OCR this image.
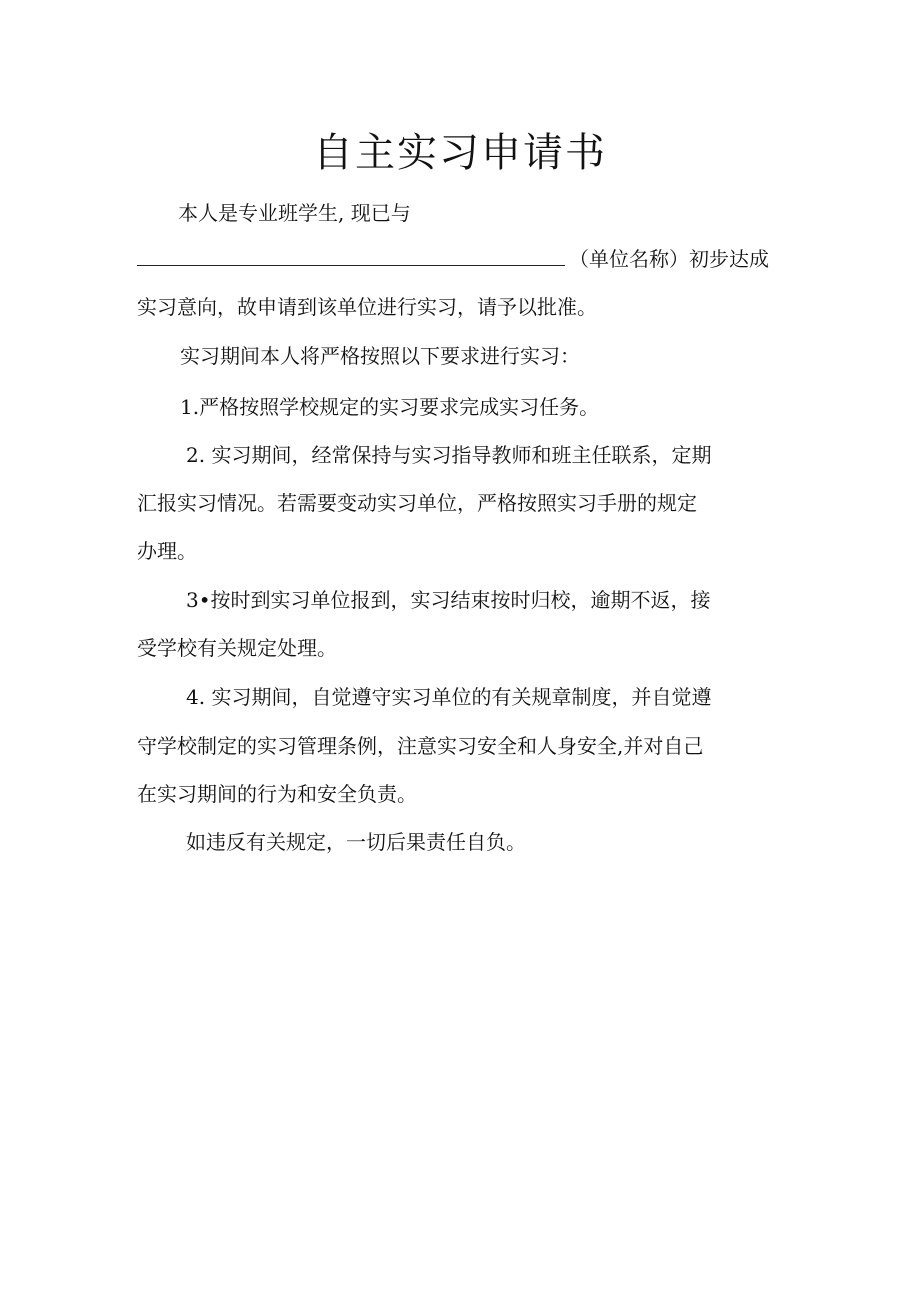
自主实习申请书
本人是专业班学生, 现已与
（单位名称）初步达成
实习意向，故申请到该单位进行实习，请予以批准。
实习期间本人将严格按照以下要求进行实习：
1.严格按照学校规定的实习要求完成实习任务。
2. 实习期间，经常保持与实习指导教师和班主任联系，定期
汇报实习情况。若需要变动实习单位，严格按照实习手册的规定
办理。
3•按时到实习单位报到，实习结束按时归校，逾期不返，接
受学校有关规定处理。
4. 实习期间，自觉遵守实习单位的有关规章制度，并自觉遵
守学校制定的实习管理条例，注意实习安全和人身安全,并对自己
在实习期间的行为和安全负责。
如违反有关规定，一切后果责任自负。
